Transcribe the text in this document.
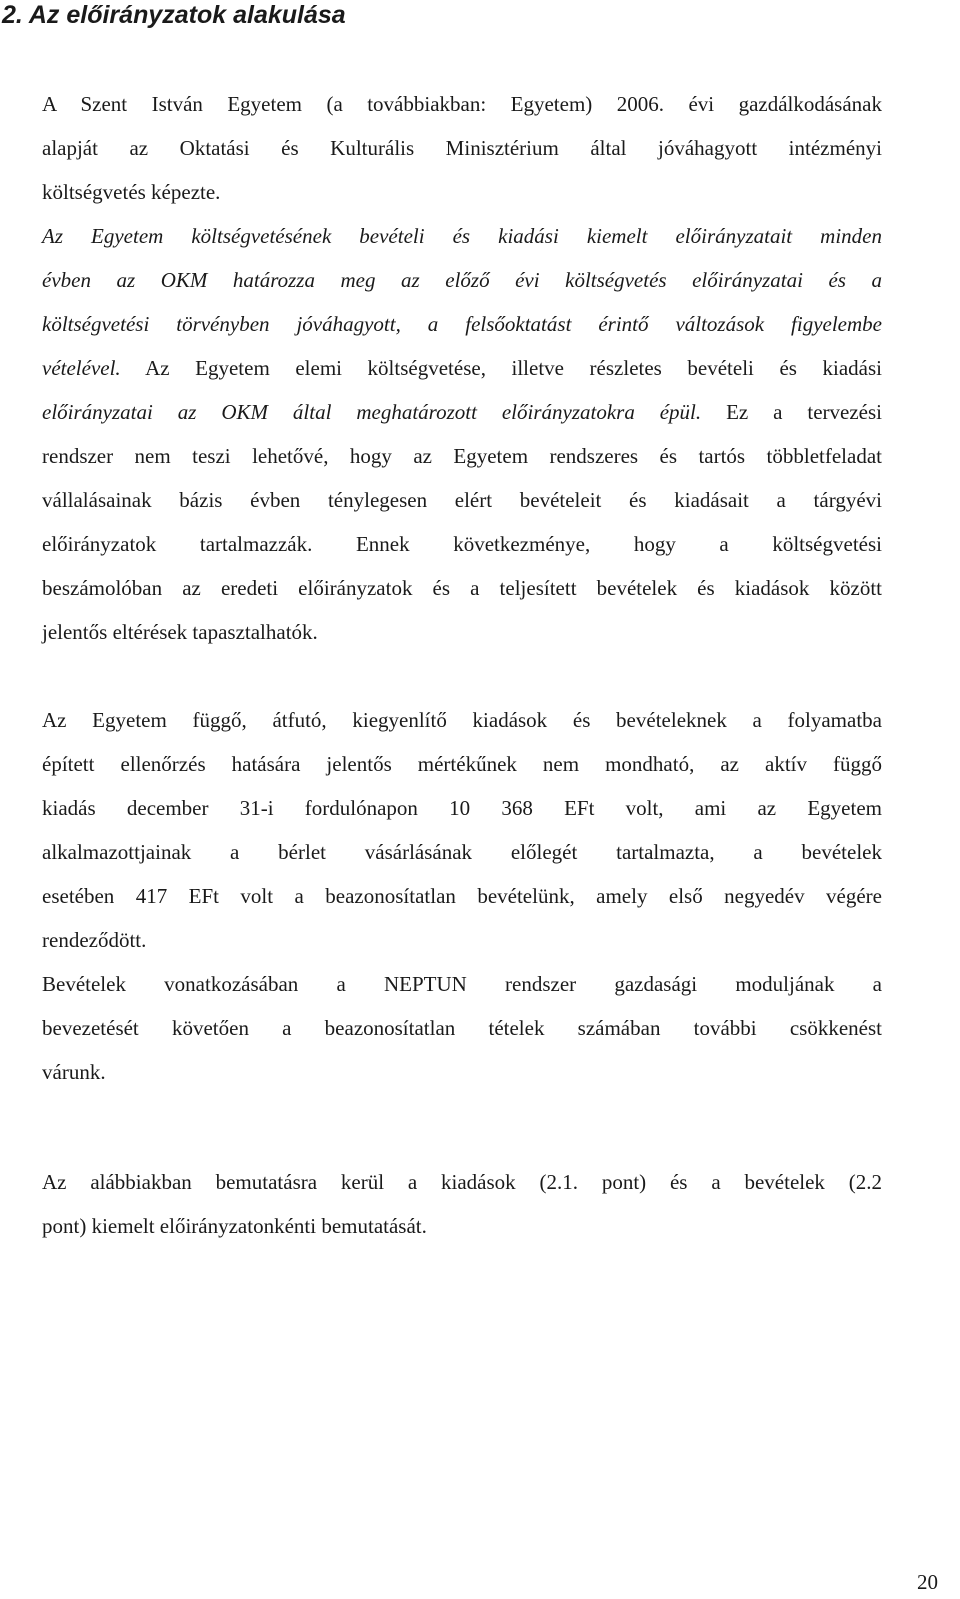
2. Az előirányzatok alakulása

A Szent István Egyetem (a továbbiakban: Egyetem) 2006. évi gazdálkodásának
alapját az Oktatási és Kulturális Minisztérium által jóváhagyott intézményi
költségvetés képezte.

Az Egyetem költségvetésének bevételi és kiadási kiemelt előirányzatait minden
évben az OKM határozza meg az előző évi költségvetés előirányzatai és a
költségvetési törvényben jóváhagyott, a felsőoktatást érintő változások figyelembe
vételével. Az Egyetem elemi költségvetése, illetve részletes bevételi és kiadási
előirányzatai az OKM által meghatározott előirányzatokra épül. Ez a tervezési
rendszer nem teszi lehetővé, hogy az Egyetem rendszeres és tartós többletfeladat
vállalásainak bázis évben ténylegesen elért bevételeit és kiadásait a tárgyévi
előirányzatok tartalmazzák. Ennek következménye, hogy a költségvetési
beszámolóban az eredeti előirányzatok és a teljesített bevételek és kiadások között
jelentős eltérések tapasztalhatók.

Az Egyetem függő, átfutó, kiegyenlítő kiadások és bevételeknek a folyamatba
épített ellenőrzés hatására jelentős mértékűnek nem mondható, az aktív függő
kiadás december 31-i fordulónapon 10 368 EFt volt, ami az Egyetem
alkalmazottjainak a bérlet vásárlásának előlegét tartalmazta, a bevételek
esetében 417 EFt volt a beazonosítatlan bevételünk, amely első negyedév végére
rendeződött.
Bevételek vonatkozásában a NEPTUN rendszer gazdasági moduljának a
bevezetését követően a beazonosítatlan tételek számában további csökkenést
várunk.

Az alábbiakban bemutatásra kerül a kiadások (2.1. pont) és a bevételek (2.2
pont) kiemelt előirányzatonkénti bemutatását.

20
